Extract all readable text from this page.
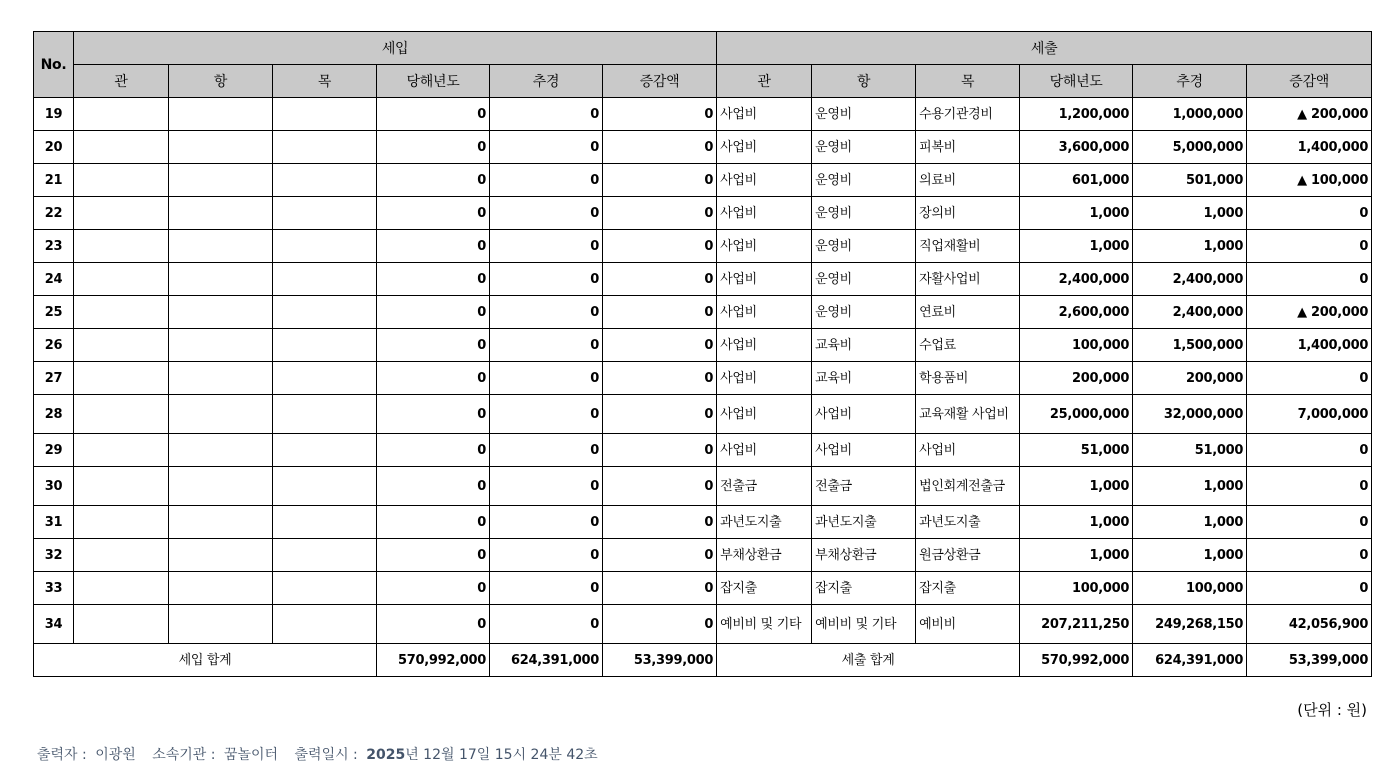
No.	세입						세출					
	관	항	목	당해년도	추경	증감액	관	항	목	당해년도	추경	증감액
19				0	0	0	사업비	운영비	수용기관경비	1,200,000	1,000,000	▲ 200,000
20				0	0	0	사업비	운영비	피복비	3,600,000	5,000,000	1,400,000
21				0	0	0	사업비	운영비	의료비	601,000	501,000	▲ 100,000
22				0	0	0	사업비	운영비	장의비	1,000	1,000	0
23				0	0	0	사업비	운영비	직업재활비	1,000	1,000	0
24				0	0	0	사업비	운영비	자활사업비	2,400,000	2,400,000	0
25				0	0	0	사업비	운영비	연료비	2,600,000	2,400,000	▲ 200,000
26				0	0	0	사업비	교육비	수업료	100,000	1,500,000	1,400,000
27				0	0	0	사업비	교육비	학용품비	200,000	200,000	0
28				0	0	0	사업비	사업비	교육재활 사업비	25,000,000	32,000,000	7,000,000
29				0	0	0	사업비	사업비	사업비	51,000	51,000	0
30				0	0	0	전출금	전출금	법인회계전출금	1,000	1,000	0
31				0	0	0	과년도지출	과년도지출	과년도지출	1,000	1,000	0
32				0	0	0	부채상환금	부채상환금	원금상환금	1,000	1,000	0
33				0	0	0	잡지출	잡지출	잡지출	100,000	100,000	0
34				0	0	0	예비비 및 기타	예비비 및 기타	예비비	207,211,250	249,268,150	42,056,900
세입 합계				570,992,000	624,391,000	53,399,000	세출 합계			570,992,000	624,391,000	53,399,000
(단위 : 원)
출력자 : 이광원 소속기관 : 꿈놀이터 출력일시 : 2025년 12월 17일 15시 24분 42초
